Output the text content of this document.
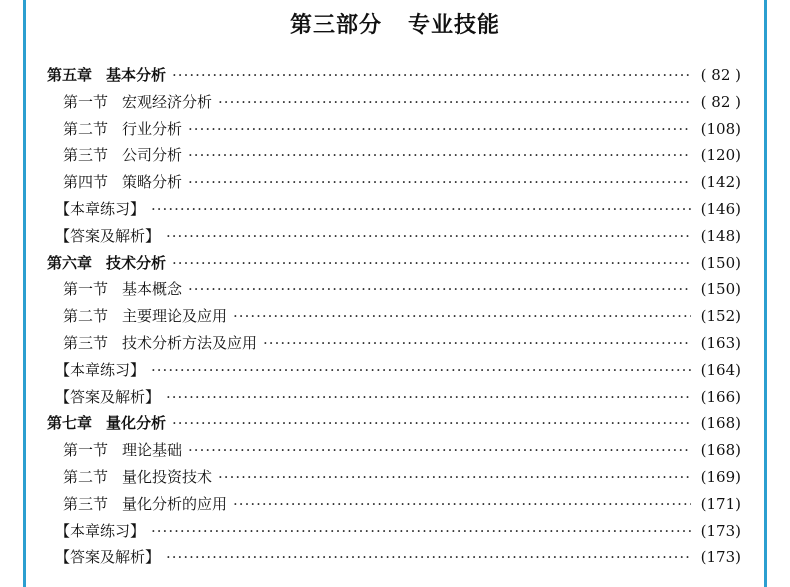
第三部分   专业技能
第五章 基本分析 ·····	( 82 )
第一节 宏观经济分析 ·····	( 82 )
第二节 行业分析 ·····	(108)
第三节 公司分析 ·····	(120)
第四节 策略分析 ·····	(142)
【本章练习】 ·····	(146)
【答案及解析】 ·····	(148)
第六章 技术分析 ·····	(150)
第一节 基本概念 ·····	(150)
第二节 主要理论及应用 ·····	(152)
第三节 技术分析方法及应用 ·····	(163)
【本章练习】 ·····	(164)
【答案及解析】 ·····	(166)
第七章 量化分析 ·····	(168)
第一节 理论基础 ·····	(168)
第二节 量化投资技术 ·····	(169)
第三节 量化分析的应用 ·····	(171)
【本章练习】 ·····	(173)
【答案及解析】 ·····	(173)
